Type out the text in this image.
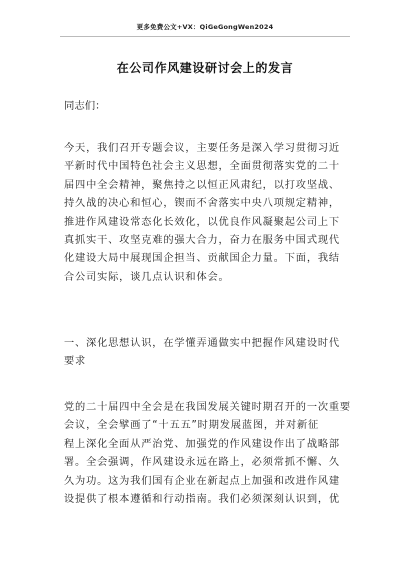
更多免费公文+VX：QiGeGongWen2024
在公司作风建设研讨会上的发言
同志们：
今天，我们召开专题会议，主要任务是深入学习贯彻习近
平新时代中国特色社会主义思想，全面贯彻落实党的二十
届四中全会精神，聚焦持之以恒正风肃纪，以打攻坚战、
持久战的决心和恒心，锲而不舍落实中央八项规定精神，
推进作风建设常态化长效化，以优良作风凝聚起公司上下
真抓实干、攻坚克难的强大合力，奋力在服务中国式现代
化建设大局中展现国企担当、贡献国企力量。下面，我结
合公司实际，谈几点认识和体会。
一、深化思想认识，在学懂弄通做实中把握作风建设时代
要求
党的二十届四中全会是在我国发展关键时期召开的一次重要
会议，全会擘画了“十五五”时期发展蓝图，并对新征
程上深化全面从严治党、加强党的作风建设作出了战略部
署。全会强调，作风建设永远在路上，必须常抓不懈、久
久为功。这为我们国有企业在新起点上加强和改进作风建
设提供了根本遵循和行动指南。我们必须深刻认识到，优
